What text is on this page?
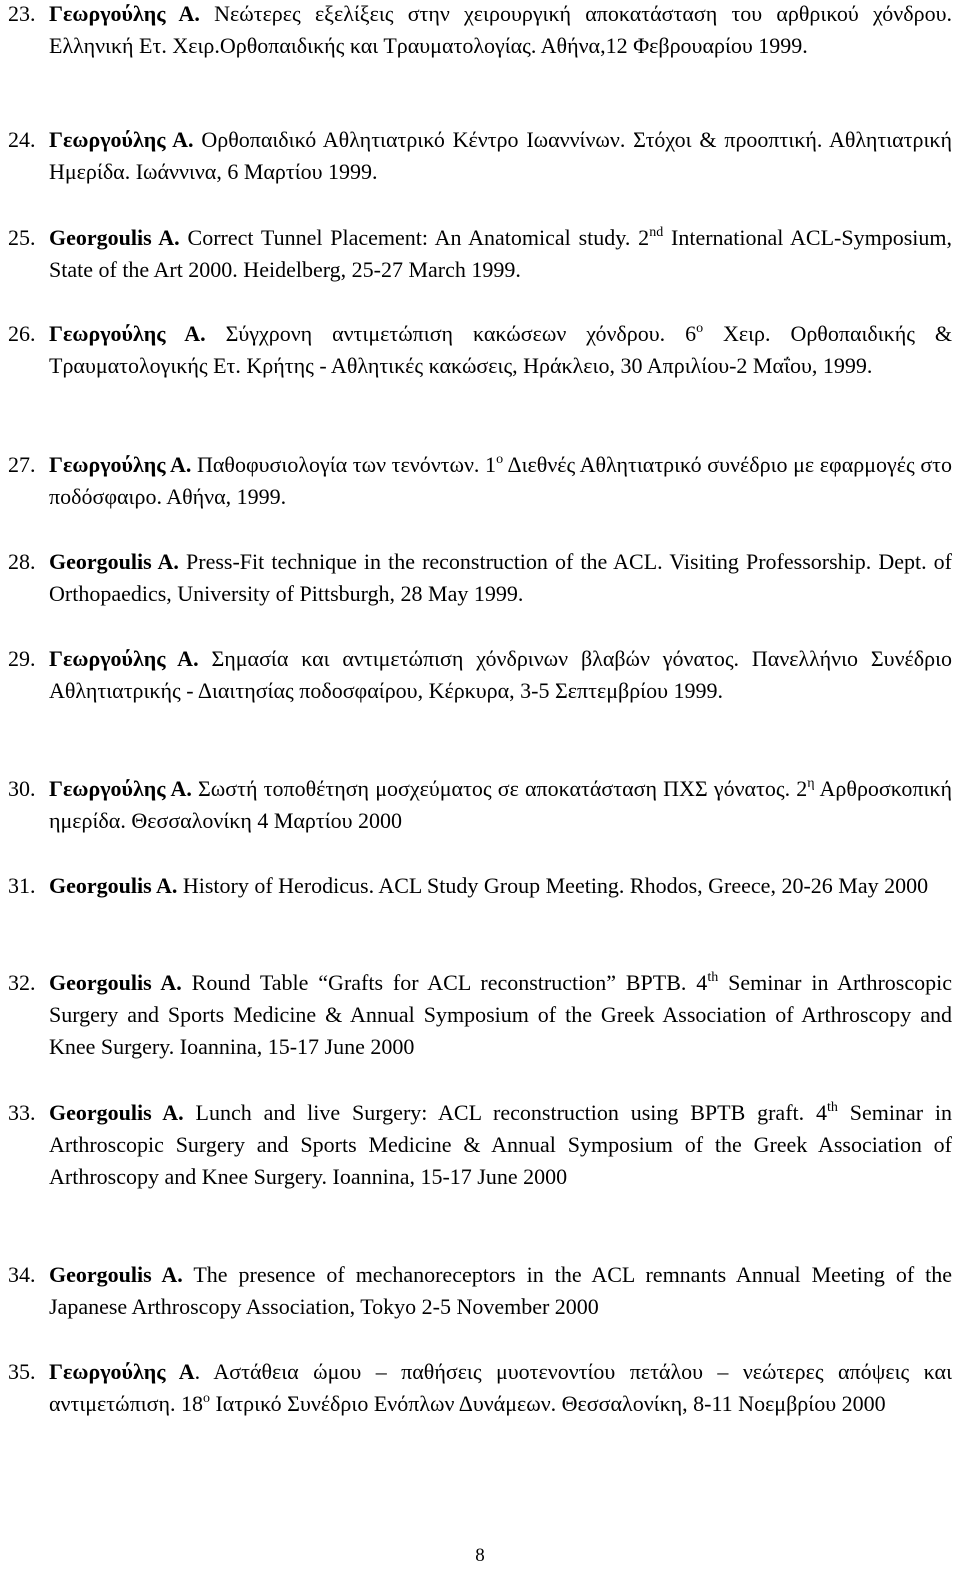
23. Γεωργούλης Α. Νεώτερες εξελίξεις στην χειρουργική αποκατάσταση του αρθρικού χόνδρου. Ελληνική Ετ. Χειρ.Ορθοπαιδικής και Τραυματολογίας. Αθήνα,12 Φεβρουαρίου 1999.
24. Γεωργούλης Α. Ορθοπαιδικό Αθλητιατρικό Κέντρο Ιωαννίνων. Στόχοι & προοπτική. Αθλητιατρική Ημερίδα. Ιωάννινα, 6 Μαρτίου 1999.
25. Georgoulis A. Correct Tunnel Placement: An Anatomical study. 2nd International ACL-Symposium, State of the Art 2000. Heidelberg, 25-27 March 1999.
26. Γεωργούλης Α. Σύγχρονη αντιμετώπιση κακώσεων χόνδρου. $6^o$ Χειρ. Ορθοπαιδικής & Τραυματολογικής Ετ. Κρήτης - Αθλητικές κακώσεις, Ηράκλειο, 30 Απριλίου-2 Μαΐου, 1999.
27. Γεωργούλης Α. Παθοφυσιολογία των τενόντων. $1^o$ Διεθνές Αθλητιατρικό συνέδριο με εφαρμογές στο ποδόσφαιρο. Αθήνα, 1999.
28. Georgoulis A. Press-Fit technique in the reconstruction of the ACL. Visiting Professorship. Dept. of Orthopaedics, University of Pittsburgh, 28 May 1999.
29. Γεωργούλης Α. Σημασία και αντιμετώπιση χόνδρινων βλαβών γόνατος. Πανελλήνιο Συνέδριο Αθλητιατρικής - Διαιτησίας ποδοσφαίρου, Κέρκυρα, 3-5 Σεπτεμβρίου 1999.
30. Γεωργούλης Α. Σωστή τοποθέτηση μοσχεύματος σε αποκατάσταση ΠΧΣ γόνατος. $2^\eta$ Αρθροσκοπική ημερίδα. Θεσσαλονίκη 4 Μαρτίου 2000
31. Georgoulis A. History of Herodicus. ACL Study Group Meeting. Rhodos, Greece, 20-26 May 2000
32. Georgoulis A. Round Table “Grafts for ACL reconstruction” BPTB. 4th Seminar in Arthroscopic Surgery and Sports Medicine & Annual Symposium of the Greek Association of Arthroscopy and Knee Surgery. Ioannina, 15-17 June 2000
33. Georgoulis A. Lunch and live Surgery: ACL reconstruction using BPTB graft. 4th Seminar in Arthroscopic Surgery and Sports Medicine & Annual Symposium of the Greek Association of Arthroscopy and Knee Surgery. Ioannina, 15-17 June 2000
34. Georgoulis A. The presence of mechanoreceptors in the ACL remnants Annual Meeting of the Japanese Arthroscopy Association, Tokyo 2-5 November 2000
35. Γεωργούλης Α. Αστάθεια ώμου – παθήσεις μυοτενοντίου πετάλου – νεώτερες απόψεις και αντιμετώπιση. $18^o$ Ιατρικό Συνέδριο Ενόπλων Δυνάμεων. Θεσσαλονίκη, 8-11 Νοεμβρίου 2000
8
